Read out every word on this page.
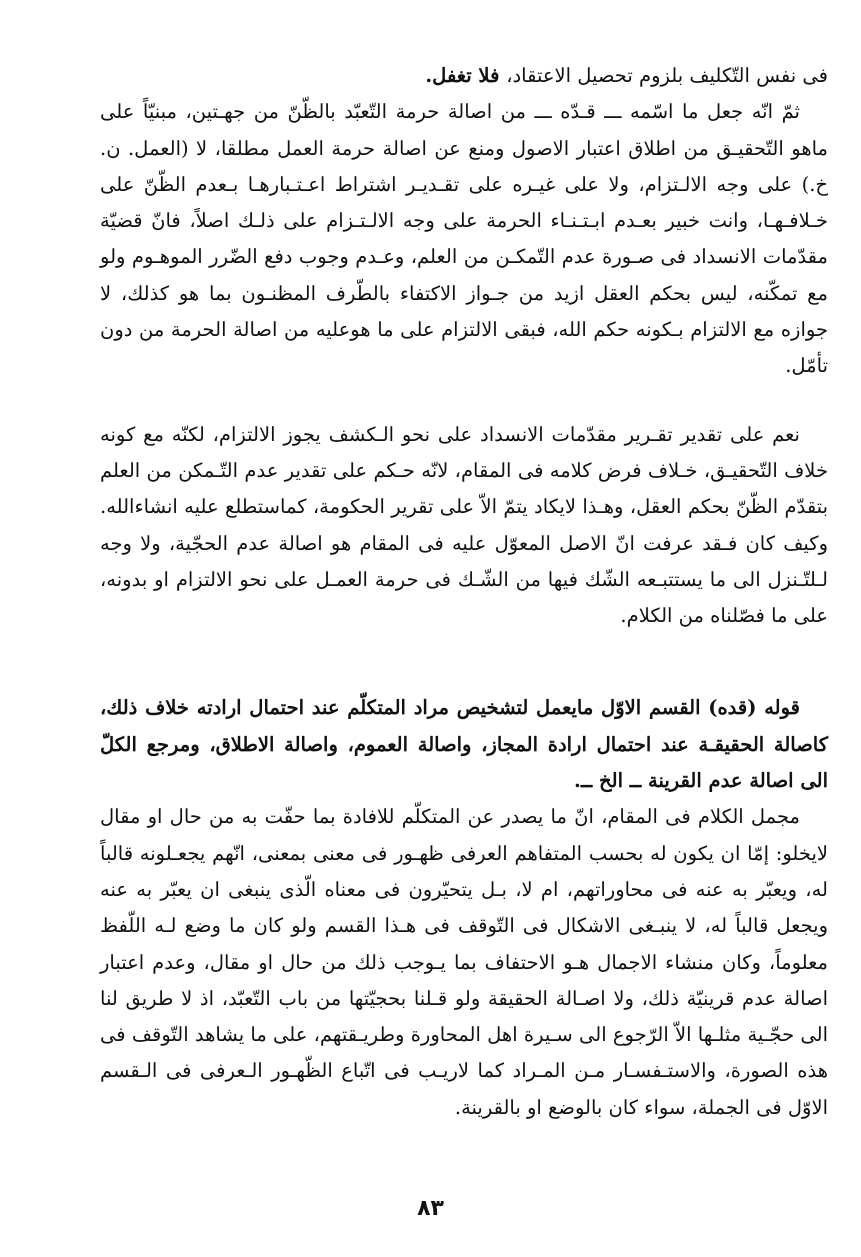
فى نفس التّكليف بلزوم تحصيل الاعتقاد، فلا تغفل.

ثمّ انّه جعل ما اسّمه ـــ قـدّه ـــ من اصالة حرمة التّعبّد بالظّنّ من جهـتين، مبنيّاً على ماهو التّحقيـق من اطلاق اعتبار الاصول ومنع عن اصالة حرمة العمل مطلقا، لا (العمل. ن. خ.) على وجه الالـتزام، ولا على غيـره على تقـديـر اشتراط اعـتـبارهـا بـعدم الظّنّ على خـلافـهـا، وانت خبير بعـدم ابـتـنـاء الحرمة على وجه الالـتـزام على ذلـك اصلاً، فانّ قضيّة مقدّمات الانسداد فى صـورة عدم التّمكـن من العلم، وعـدم وجوب دفع الضّرر الموهـوم ولو مع تمكّنه، ليس بحكم العقل ازيد من جـواز الاكتفاء بالطّرف المظنـون بما هو كذلك، لا جوازه مع الالتزام بـكونه حكم الله، فبقى الالتزام على ما هوعليه من اصالة الحرمة من دون تأمّل.

نعم على تقدير تقـرير مقدّمات الانسداد على نحو الـكشف يجوز الالتزام، لكنّه مع كونه خلاف التّحقيـق، خـلاف فرض كلامه فى المقام، لانّه حـكم على تقدير عدم التّـمكن من العلم بتقدّم الظّنّ بحكم العقل، وهـذا لايكاد يتمّ الاّ على تقرير الحكومة، كماستطلع عليه انشاءالله. وكيف كان فـقد عرفت انّ الاصل المعوّل عليه فى المقام هو اصالة عدم الحجّية، ولا وجه لـلتّـنزل الى ما يستتبـعه الشّك فيها من الشّـك فى حرمة العمـل على نحو الالتزام او بدونه، على ما فصّلناه من الكلام.

قوله (قده) القسم الاوّل مايعمل لتشخيص مراد المتكلّم عند احتمال ارادته خلاف ذلك، كاصالة الحقيقـة عند احتمال ارادة المجاز، واصالة العموم، واصالة الاطلاق، ومرجع الكلّ الى اصالة عدم القرينة ــ الخ ــ.

مجمل الكلام فى المقام، انّ ما يصدر عن المتكلّم للافادة بما حفّت به من حال او مقال لايخلو: إمّا ان يكون له بحسب المتفاهم العرفى ظهـور فى معنى بمعنى، انّهم يجعـلونه قالباً له، ويعبّر به عنه فى محاوراتهم، ام لا، بـل يتحيّرون فى معناه الّذى ينبغى ان يعبّر به عنه ويجعل قالباً له، لا ينبـغى الاشكال فى التّوقف فى هـذا القسم ولو كان ما وضع لـه اللّفظ معلوماً، وكان منشاء الاجمال هـو الاحتفاف بما يـوجب ذلك من حال او مقال، وعدم اعتبار اصالة عدم قرينيّة ذلك، ولا اصـالة الحقيقة ولو قـلنا بحجيّتها من باب التّعبّد، اذ لا طريق لنا الى حجّـية مثلـها الاّ الرّجوع الى سـيرة اهل المحاورة وطريـقتهم، على ما يشاهد التّوقف فى هذه الصورة، والاستـفسـار مـن المـراد كما لاريـب فى اتّباع الظّهـور الـعرفى فى الـقسم الاوّل فى الجملة، سواء كان بالوضع او بالقرينة.

٨٣
